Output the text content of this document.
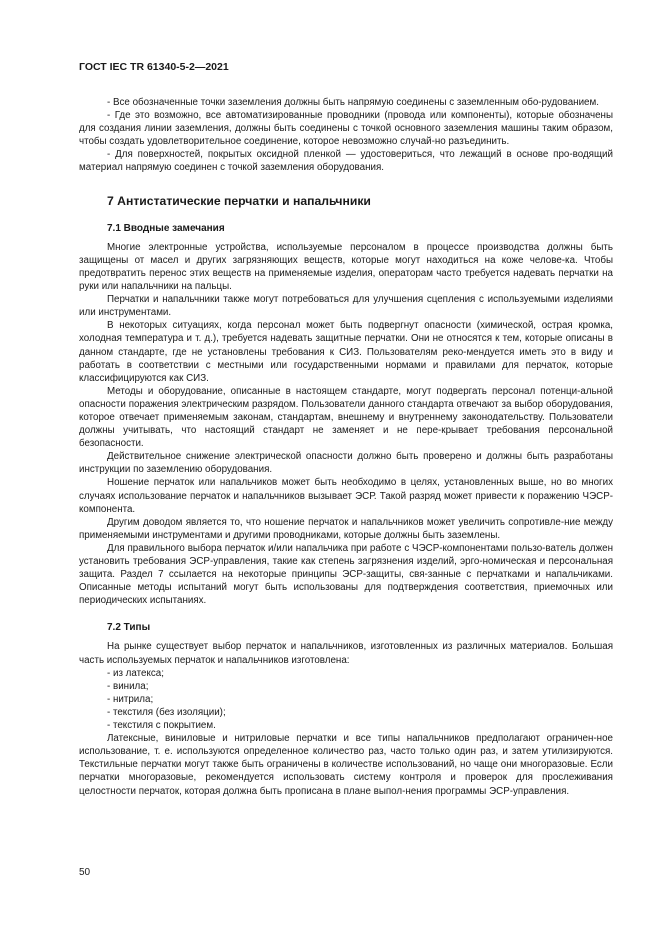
ГОСТ IEC TR 61340-5-2—2021

- Все обозначенные точки заземления должны быть напрямую соединены с заземленным обо-рудованием.

- Где это возможно, все автоматизированные проводники (провода или компоненты), которые обозначены для создания линии заземления, должны быть соединены с точкой основного заземления машины таким образом, чтобы создать удовлетворительное соединение, которое невозможно случай-но разъединить.

- Для поверхностей, покрытых оксидной пленкой — удостовериться, что лежащий в основе про-водящий материал напрямую соединен с точкой заземления оборудования.

7 Антистатические перчатки и напальчники
7.1 Вводные замечания

Многие электронные устройства, используемые персоналом в процессе производства должны быть защищены от масел и других загрязняющих веществ, которые могут находиться на коже челове-ка. Чтобы предотвратить перенос этих веществ на применяемые изделия, операторам часто требуется надевать перчатки на руки или напальчники на пальцы.

Перчатки и напальчники также могут потребоваться для улучшения сцепления с используемыми изделиями или инструментами.

В некоторых ситуациях, когда персонал может быть подвергнут опасности (химической, острая кромка, холодная температура и т. д.), требуется надевать защитные перчатки. Они не относятся к тем, которые описаны в данном стандарте, где не установлены требования к СИЗ. Пользователям реко-мендуется иметь это в виду и работать в соответствии с местными или государственными нормами и правилами для перчаток, которые классифицируются как СИЗ.

Методы и оборудование, описанные в настоящем стандарте, могут подвергать персонал потенци-альной опасности поражения электрическим разрядом. Пользователи данного стандарта отвечают за выбор оборудования, которое отвечает применяемым законам, стандартам, внешнему и внутреннему законодательству. Пользователи должны учитывать, что настоящий стандарт не заменяет и не пере-крывает требования персональной безопасности.

Действительное снижение электрической опасности должно быть проверено и должны быть разработаны инструкции по заземлению оборудования.

Ношение перчаток или напальчиков может быть необходимо в целях, установленных выше, но во многих случаях использование перчаток и напальчников вызывает ЭСР. Такой разряд может привести к поражению ЧЭСР-компонента.

Другим доводом является то, что ношение перчаток и напальчников может увеличить сопротивле-ние между применяемыми инструментами и другими проводниками, которые должны быть заземлены.

Для правильного выбора перчаток и/или напальчика при работе с ЧЭСР-компонентами пользо-ватель должен установить требования ЭСР-управления, такие как степень загрязнения изделий, эрго-номическая и персональная защита. Раздел 7 ссылается на некоторые принципы ЭСР-защиты, свя-занные с перчатками и напальчиками. Описанные методы испытаний могут быть использованы для подтверждения соответствия, приемочных или периодических испытаниях.

7.2 Типы

На рынке существует выбор перчаток и напальчников, изготовленных из различных материалов. Большая часть используемых перчаток и напальчников изготовлена:

- из латекса;

- винила;

- нитрила;

- текстиля (без изоляции);

- текстиля с покрытием.

Латексные, виниловые и нитриловые перчатки и все типы напальчников предполагают ограничен-ное использование, т. е. используются определенное количество раз, часто только один раз, и затем утилизируются. Текстильные перчатки могут также быть ограничены в количестве использований, но чаще они многоразовые. Если перчатки многоразовые, рекомендуется использовать систему контроля и проверок для прослеживания целостности перчаток, которая должна быть прописана в плане выпол-нения программы ЭСР-управления.

50
